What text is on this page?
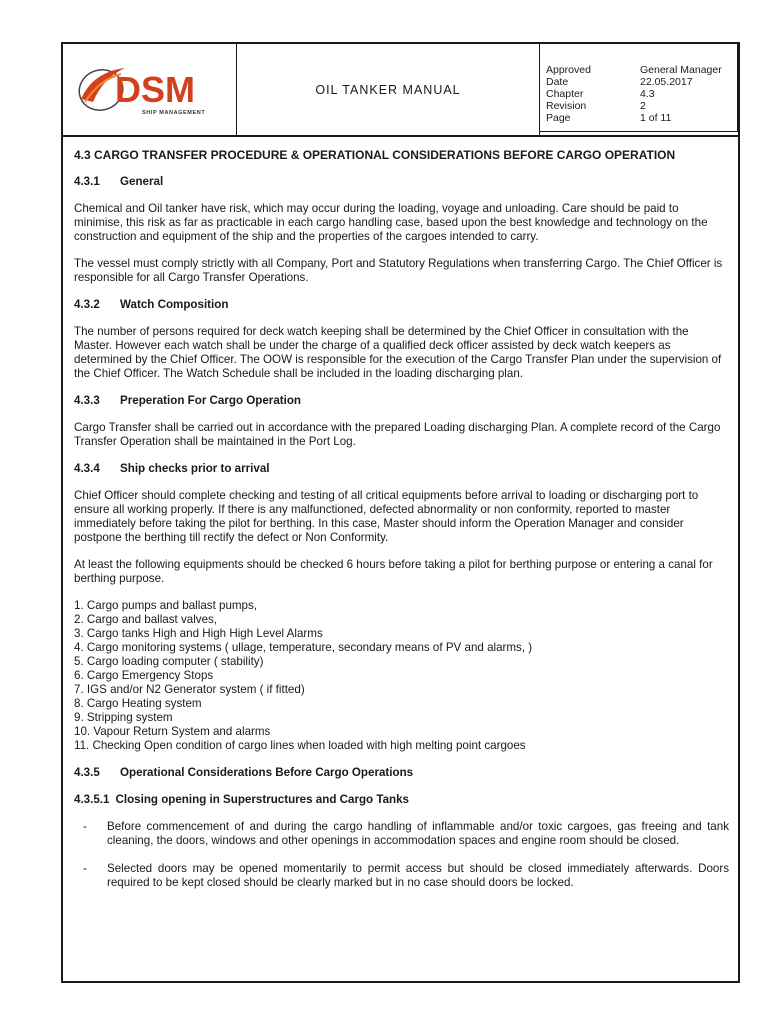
DSM
SHIP MANAGEMENT
OIL TANKER MANUAL
Approved	General Manager
Date	22.05.2017
Chapter	4.3
Revision	2
Page	1 of 11
4.3 CARGO TRANSFER PROCEDURE & OPERATIONAL CONSIDERATIONS BEFORE CARGO OPERATION
4.3.1 General

Chemical and Oil tanker have risk, which may occur during the loading, voyage and unloading. Care should be paid to minimise, this risk as far as practicable in each cargo handling case, based upon the best knowledge and technology on the construction and equipment of the ship and the properties of the cargoes intended to carry.

The vessel must comply strictly with all Company, Port and Statutory Regulations when transferring Cargo. The Chief Officer is responsible for all Cargo Transfer Operations.

4.3.2 Watch Composition

The number of persons required for deck watch keeping shall be determined by the Chief Officer in consultation with the Master. However each watch shall be under the charge of a qualified deck officer assisted by deck watch keepers as determined by the Chief Officer. The OOW is responsible for the execution of the Cargo Transfer Plan under the supervision of the Chief Officer. The Watch Schedule shall be included in the loading discharging plan.

4.3.3 Preperation For Cargo Operation

Cargo Transfer shall be carried out in accordance with the prepared Loading discharging Plan. A complete record of the Cargo Transfer Operation shall be maintained in the Port Log.

4.3.4 Ship checks prior to arrival

Chief Officer should complete checking and testing of all critical equipments before arrival to loading or discharging port to ensure all working properly. If there is any malfunctioned, defected abnormality or non conformity, reported to master immediately before taking the pilot for berthing. In this case, Master should inform the Operation Manager and consider postpone the berthing till rectify the defect or Non Conformity.

At least the following equipments should be checked 6 hours before taking a pilot for berthing purpose or entering a canal for berthing purpose.

1. Cargo pumps and ballast pumps,
2. Cargo and ballast valves,
3. Cargo tanks High and High High Level Alarms
4. Cargo monitoring systems ( ullage, temperature, secondary means of PV and alarms, )
5. Cargo loading computer ( stability)
6. Cargo Emergency Stops
7. IGS and/or N2 Generator system ( if fitted)
8. Cargo Heating system
9. Stripping system
10. Vapour Return System and alarms
11. Checking Open condition of cargo lines when loaded with high melting point cargoes
4.3.5 Operational Considerations Before Cargo Operations
4.3.5.1 Closing opening in Superstructures and Cargo Tanks
- Before commencement of and during the cargo handling of inflammable and/or toxic cargoes, gas freeing and tank cleaning, the doors, windows and other openings in accommodation spaces and engine room should be closed.
- Selected doors may be opened momentarily to permit access but should be closed immediately afterwards. Doors required to be kept closed should be clearly marked but in no case should doors be locked.
